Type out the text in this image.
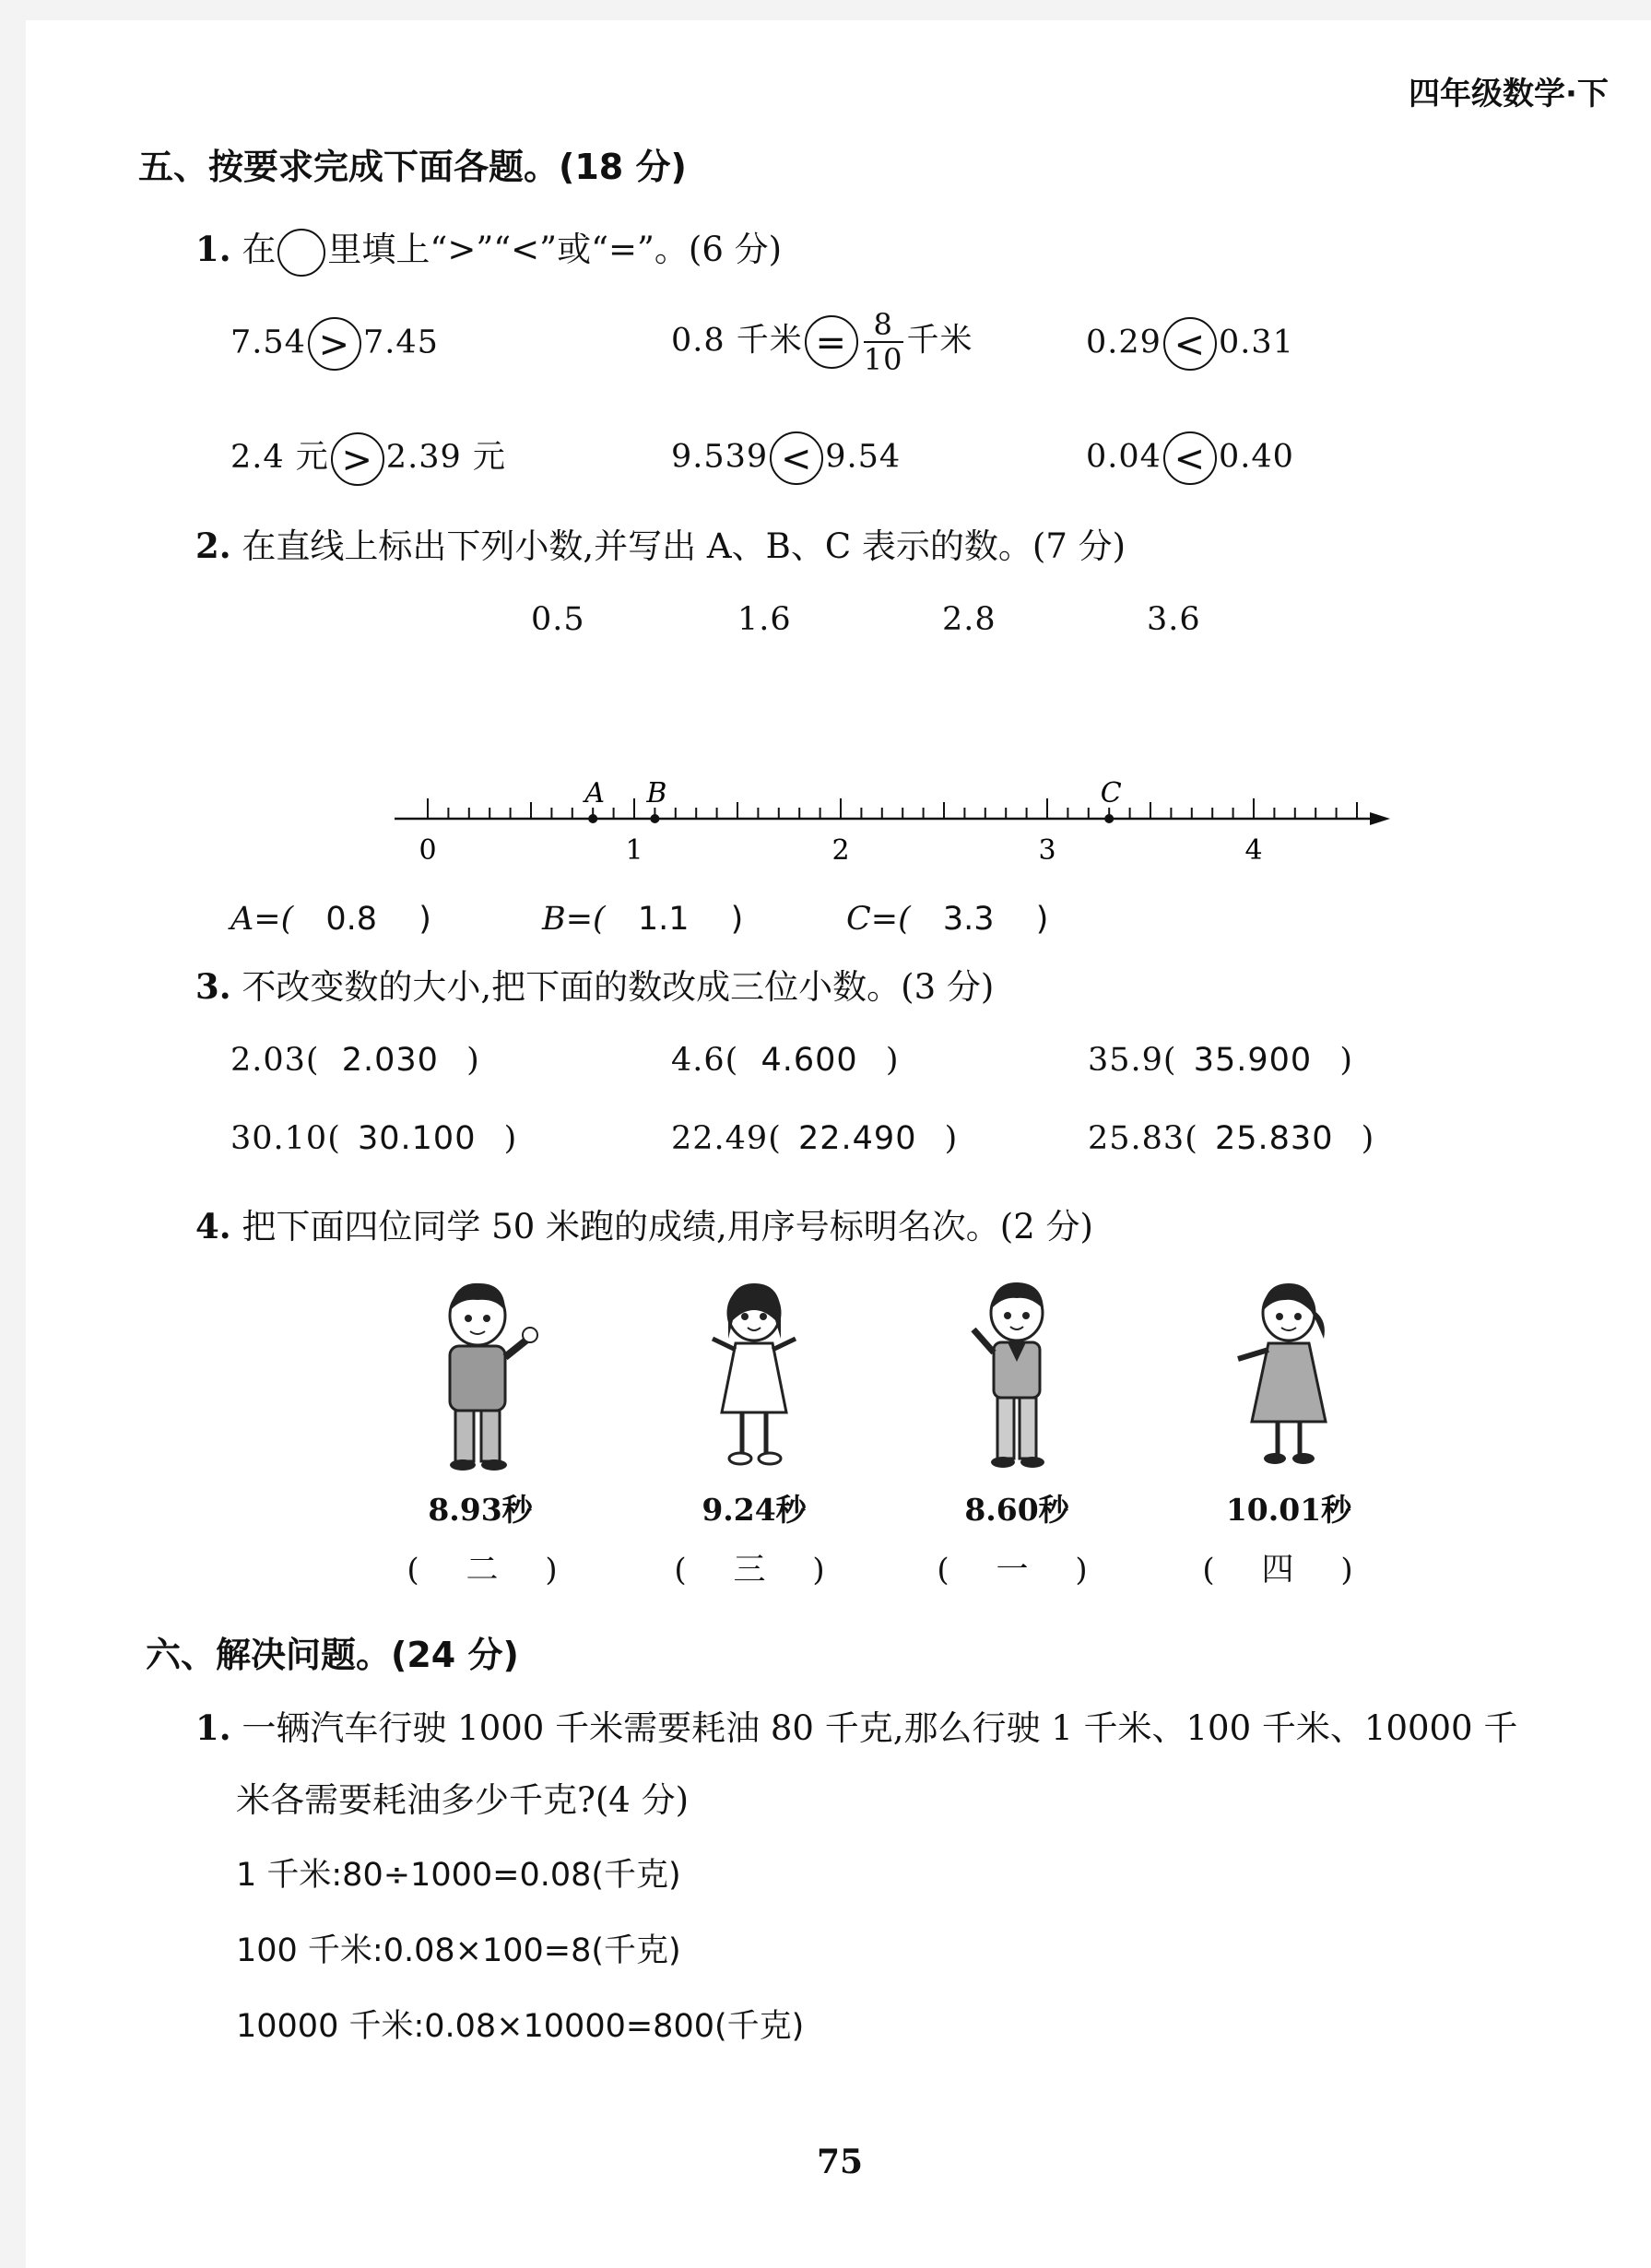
四年级数学·下
五、按要求完成下面各题。(18 分)
1. 在 里填上“>”“<”或“=”。(6 分)
7.54 > 7.45	0.8 千米 = $\frac{8}{10}$ 千米	0.29 < 0.31
2.4 元 > 2.39 元	9.539 < 9.54	0.04 < 0.40
2. 在直线上标出下列小数,并写出 A、B、C 表示的数。(7 分)
0.5	1.6	2.8	3.6
0	1	2	3	4
A B	C
A=( 0.8 )	B=( 1.1 )	C=( 3.3 )
3. 不改变数的大小,把下面的数改成三位小数。(3 分)
2.03( 2.030 )	4.6( 4.600 )	35.9( 35.900 )
30.10( 30.100 )	22.49( 22.490 )	25.83( 25.830 )
4. 把下面四位同学 50 米跑的成绩,用序号标明名次。(2 分)
8.93秒	9.24秒	8.60秒	10.01秒
( 二 )	( 三 )	( 一 )	( 四 )
六、解决问题。(24 分)
1. 一辆汽车行驶 1000 千米需要耗油 80 千克,那么行驶 1 千米、100 千米、10000 千
米各需要耗油多少千克?(4 分)
1 千米:80÷1000=0.08(千克)
100 千米:0.08×100=8(千克)
10000 千米:0.08×10000=800(千克)
75
